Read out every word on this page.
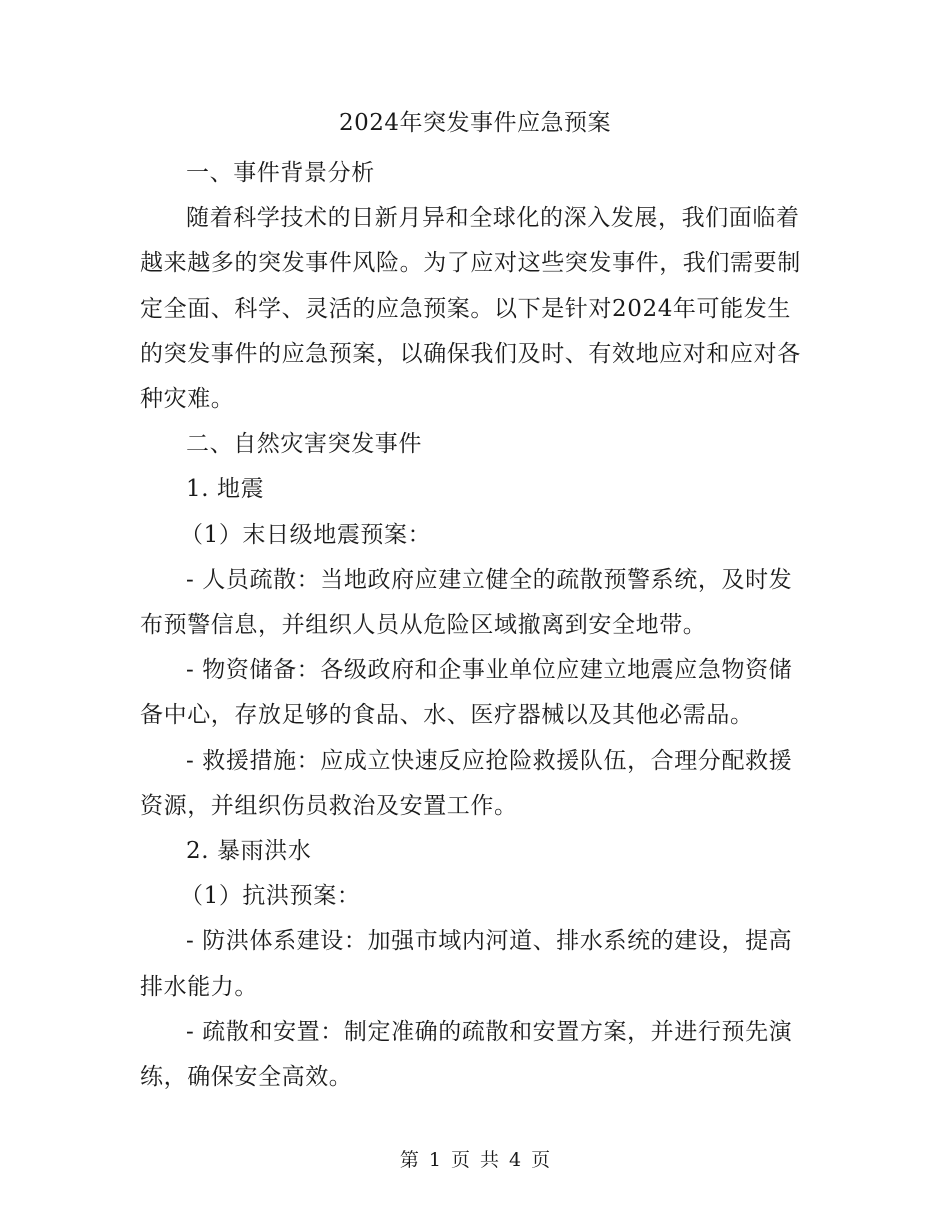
2024年突发事件应急预案

一、事件背景分析

随着科学技术的日新月异和全球化的深入发展，我们面临着越来越多的突发事件风险。为了应对这些突发事件，我们需要制定全面、科学、灵活的应急预案。以下是针对2024年可能发生的突发事件的应急预案，以确保我们及时、有效地应对和应对各种灾难。

二、自然灾害突发事件

1. 地震

（1）末日级地震预案：

- 人员疏散：当地政府应建立健全的疏散预警系统，及时发布预警信息，并组织人员从危险区域撤离到安全地带。

- 物资储备：各级政府和企事业单位应建立地震应急物资储备中心，存放足够的食品、水、医疗器械以及其他必需品。

- 救援措施：应成立快速反应抢险救援队伍，合理分配救援资源，并组织伤员救治及安置工作。

2. 暴雨洪水

（1）抗洪预案：

- 防洪体系建设：加强市域内河道、排水系统的建设，提高排水能力。

- 疏散和安置：制定准确的疏散和安置方案，并进行预先演练，确保安全高效。

第 1 页 共 4 页
